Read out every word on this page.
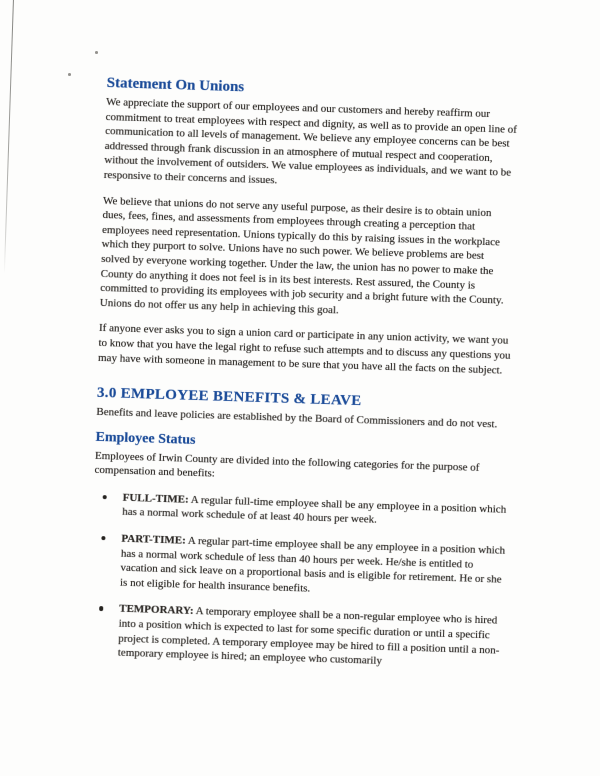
Statement On Unions

We appreciate the support of our employees and our customers and hereby reaffirm our commitment to treat employees with respect and dignity, as well as to provide an open line of communication to all levels of management. We believe any employee concerns can be best addressed through frank discussion in an atmosphere of mutual respect and cooperation, without the involvement of outsiders. We value employees as individuals, and we want to be responsive to their concerns and issues.

We believe that unions do not serve any useful purpose, as their desire is to obtain union dues, fees, fines, and assessments from employees through creating a perception that employees need representation. Unions typically do this by raising issues in the workplace which they purport to solve. Unions have no such power. We believe problems are best solved by everyone working together. Under the law, the union has no power to make the County do anything it does not feel is in its best interests. Rest assured, the County is committed to providing its employees with job security and a bright future with the County. Unions do not offer us any help in achieving this goal.

If anyone ever asks you to sign a union card or participate in any union activity, we want you to know that you have the legal right to refuse such attempts and to discuss any questions you may have with someone in management to be sure that you have all the facts on the subject.

3.0 EMPLOYEE BENEFITS & LEAVE

Benefits and leave policies are established by the Board of Commissioners and do not vest.

Employee Status

Employees of Irwin County are divided into the following categories for the purpose of compensation and benefits:

FULL-TIME: A regular full-time employee shall be any employee in a position which has a normal work schedule of at least 40 hours per week.
PART-TIME: A regular part-time employee shall be any employee in a position which has a normal work schedule of less than 40 hours per week. He/she is entitled to vacation and sick leave on a proportional basis and is eligible for retirement. He or she is not eligible for health insurance benefits.
TEMPORARY: A temporary employee shall be a non-regular employee who is hired into a position which is expected to last for some specific duration or until a specific project is completed. A temporary employee may be hired to fill a position until a non-temporary employee is hired; an employee who customarily
